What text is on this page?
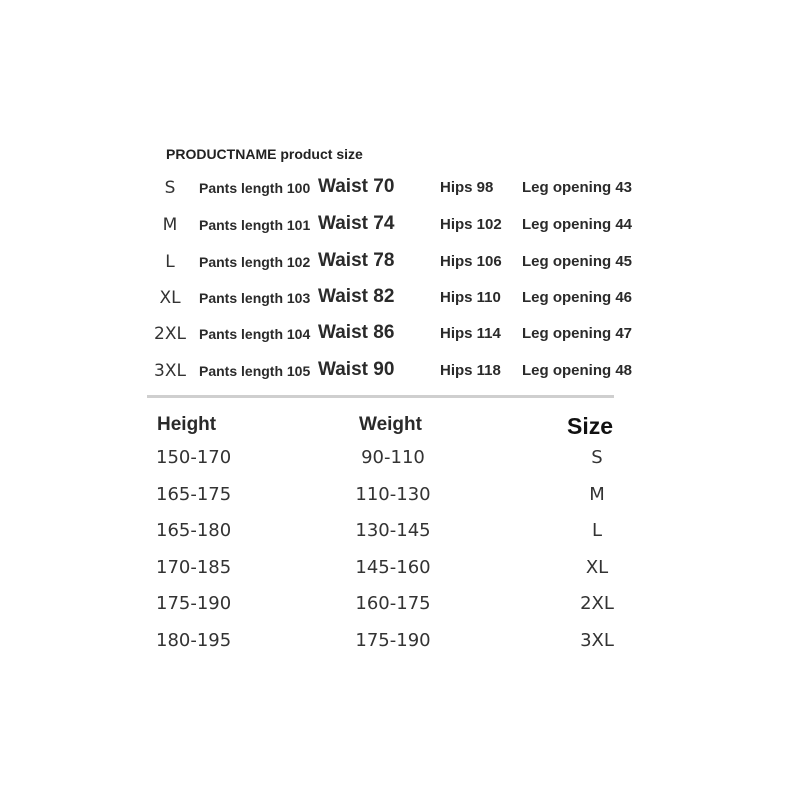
PRODUCTNAME product size
S	Pants length 100 Waist 70	Hips 98 Leg opening 43
M	Pants length 101 Waist 74	Hips 102 Leg opening 44
L	Pants length 102 Waist 78	Hips 106 Leg opening 45
XL	Pants length 103 Waist 82	Hips 110 Leg opening 46
2XL Pants length 104 Waist 86	Hips 114 Leg opening 47
3XL Pants length 105 Waist 90	Hips 118 Leg opening 48
Height	Weight	Size
150-170	90-110	S
165-175	110-130	M
165-180	130-145	L
170-185	145-160	XL
175-190	160-175	2XL
180-195	175-190	3XL
